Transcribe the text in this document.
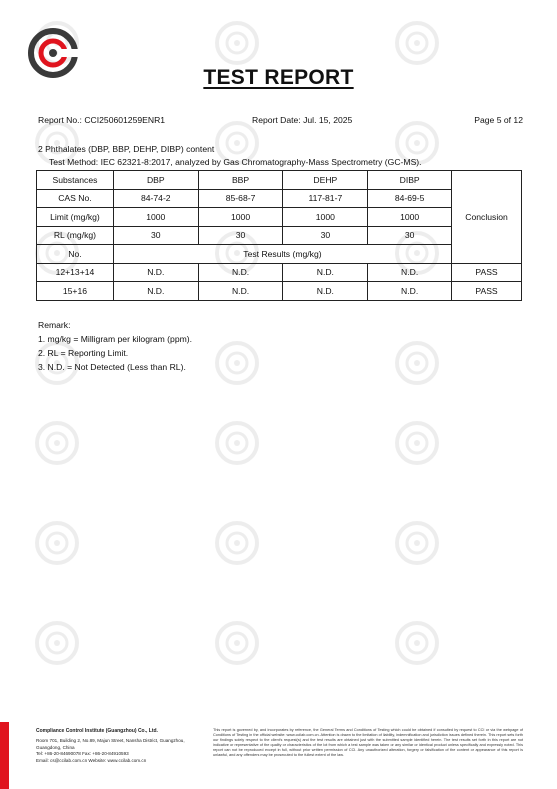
TEST REPORT
Report No.: CCI250601259ENR1	Report Date: Jul. 15, 2025	Page 5 of 12
2 Phthalates (DBP, BBP, DEHP, DIBP) content
Test Method: IEC 62321-8:2017, analyzed by Gas Chromatography-Mass Spectrometry (GC-MS).
Substances	DBP	BBP	DEHP	DIBP	Conclusion
CAS No.	84-74-2	85-68-7	117-81-7	84-69-5	
Limit (mg/kg)	1000	1000	1000	1000	
RL (mg/kg)	30	30	30	30	
No.	Test Results (mg/kg)				
12+13+14	N.D.	N.D.	N.D.	N.D.	PASS
15+16	N.D.	N.D.	N.D.	N.D.	PASS
Remark:
1. mg/kg = Milligram per kilogram (ppm).
2. RL = Reporting Limit.
3. N.D. = Not Detected (Less than RL).
Compliance Control Institute (Guangzhou) Co., Ltd.
Room 701, Building 2, No.89, Majun Street, Nansha District, Guangzhou,
Guangdong, China
Tel: +86-20-84690078 Fax: +86-20-84910593
Email: cs@ccilab.com.cn Website: www.ccilab.com.cn
This report is governed by, and incorporates by reference, the General Terms and Conditions of Testing which could be obtained if consulted by request to CCI or via the webpage of Conditions of Testing in the official website: www.ccilab.com.cn. Attention is drawn to the limitation of liability, indemnification and jurisdiction issues defined therein. This report sets forth our findings solely respect to the client's request(s) and the test results are obtained just with the submitted sample identified herein. The test results set forth in this report are not indicative or representative of the quality or characteristics of the lot from which a test sample was taken or any similar or identical product unless specifically and expressly noted. This report can not be reproduced except in full, without prior written permission of CCI. Any unauthorized alteration, forgery or falsification of the content or appearance of this report is unlawful, and any offenders may be prosecuted to the fullest extent of the law.
